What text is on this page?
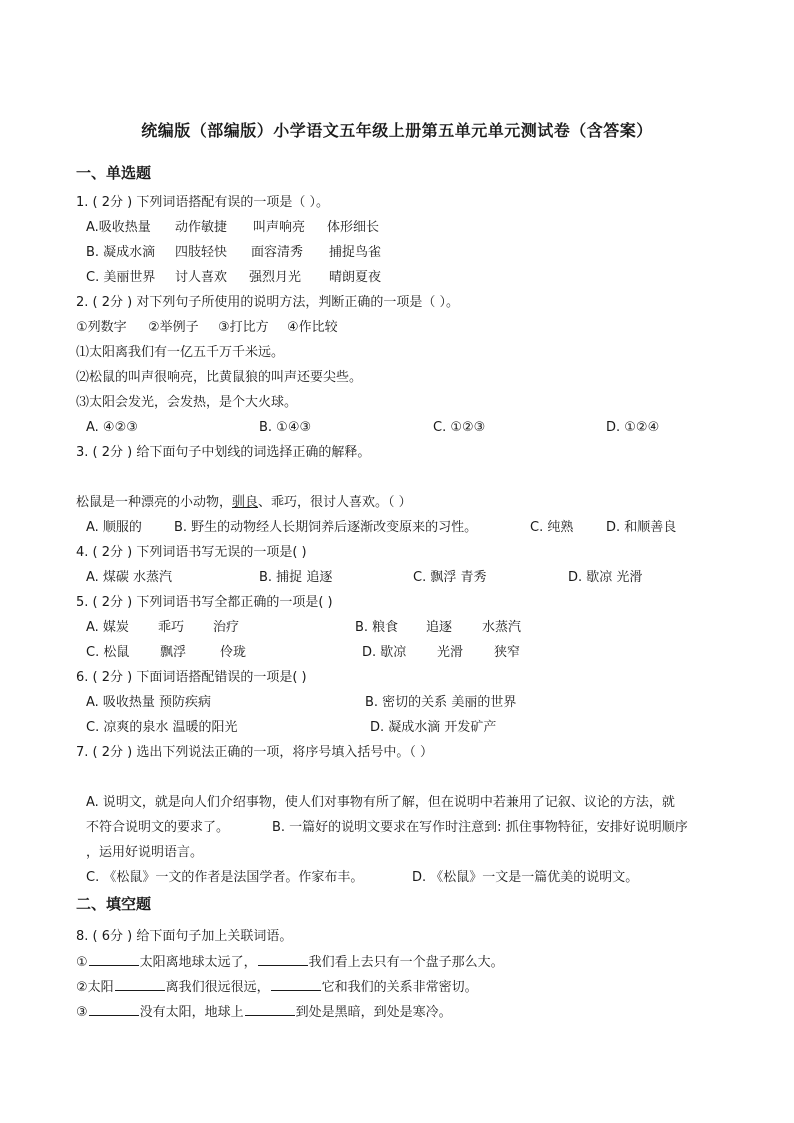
统编版（部编版）小学语文五年级上册第五单元单元测试卷（含答案）
一、单选题
1. ( 2分 ) 下列词语搭配有误的一项是（ ）。
A.吸收热量 动作敏捷 叫声响亮 体形细长
B. 凝成水滴 四肢轻快 面容清秀 捕捉鸟雀
C. 美丽世界 讨人喜欢 强烈月光 晴朗夏夜
2. ( 2分 ) 对下列句子所使用的说明方法，判断正确的一项是（ ）。
①列数字 ②举例子 ③打比方 ④作比较
⑴太阳离我们有一亿五千万千米远。
⑵松鼠的叫声很响亮，比黄鼠狼的叫声还要尖些。
⑶太阳会发光，会发热，是个大火球。
A. ④②③	B. ①④③	C. ①②③	D. ①②④
3. ( 2分 ) 给下面句子中划线的词选择正确的解释。
松鼠是一种漂亮的小动物，驯良、乖巧，很讨人喜欢。（ ）
A. 顺服的 B. 野生的动物经人长期饲养后逐渐改变原来的习性。	C. 纯熟	D. 和顺善良
4. ( 2分 ) 下列词语书写无误的一项是( )
A. 煤碳 水蒸汽	B. 捕捉 追逐	C. 飘浮 青秀	D. 歇凉 光滑
5. ( 2分 ) 下列词语书写全都正确的一项是( )
A. 媒炭 乖巧 治疗	B. 粮食 追逐 水蒸汽
C. 松鼠 飘浮	伶珑	D. 歇凉 光滑 狭窄
6. ( 2分 ) 下面词语搭配错误的一项是( )
A. 吸收热量 预防疾病	B. 密切的关系 美丽的世界
C. 凉爽的泉水 温暖的阳光	D. 凝成水滴 开发矿产
7. ( 2分 ) 选出下列说法正确的一项，将序号填入括号中。（ ）
A. 说明文，就是向人们介绍事物，使人们对事物有所了解，但在说明中若兼用了记叙、议论的方法，就
不符合说明文的要求了。	B. 一篇好的说明文要求在写作时注意到: 抓住事物特征，安排好说明顺序
，运用好说明语言。
C. 《松鼠》一文的作者是法国学者。作家布丰。	D. 《松鼠》一文是一篇优美的说明文。
二、填空题
8. ( 6分 ) 给下面句子加上关联词语。
①	太阳离地球太远了，	我们看上去只有一个盘子那么大。
②太阳	离我们很远很远，	它和我们的关系非常密切。
③	没有太阳，地球上	到处是黑暗，到处是寒冷。
